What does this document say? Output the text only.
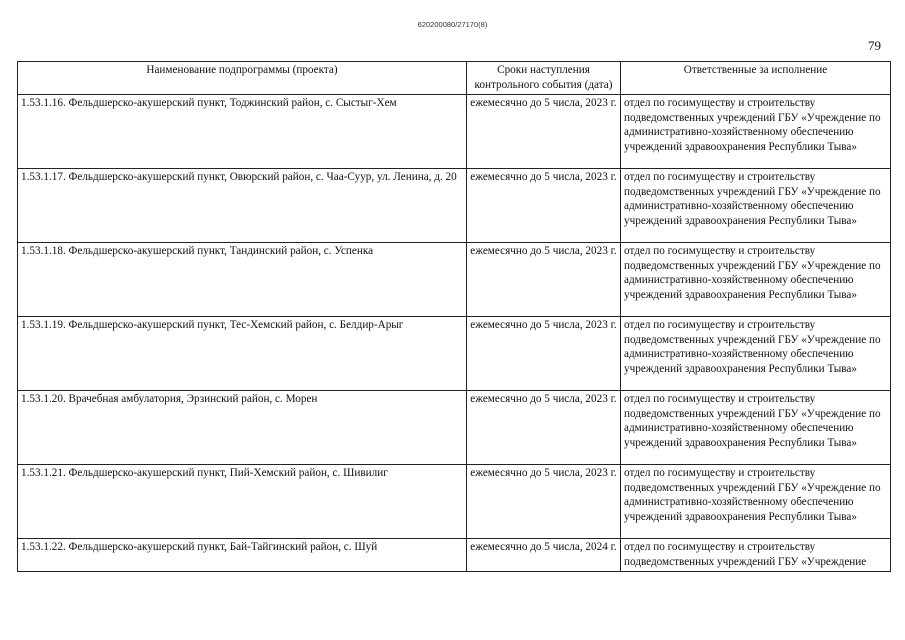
620200080/27170(8)
79
Наименование подпрограммы (проекта)	Сроки наступления контрольного события (дата)	Ответственные за исполнение
1.53.1.16. Фельдшерско-акушерский пункт, Тоджинский район, с. Сыстыг-Хем	ежемесячно до 5 числа, 2023 г.	отдел по госимуществу и строительству подведомственных учреждений ГБУ «Учреждение по административно-хозяйственному обеспечению учреждений здравоохранения Республики Тыва»
1.53.1.17. Фельдшерско-акушерский пункт, Овюрский район, с. Чаа-Суур, ул. Ленина, д. 20	ежемесячно до 5 числа, 2023 г.	отдел по госимуществу и строительству подведомственных учреждений ГБУ «Учреждение по административно-хозяйственному обеспечению учреждений здравоохранения Республики Тыва»
1.53.1.18. Фельдшерско-акушерский пункт, Тандинский район, с. Успенка	ежемесячно до 5 числа, 2023 г.	отдел по госимуществу и строительству подведомственных учреждений ГБУ «Учреждение по административно-хозяйственному обеспечению учреждений здравоохранения Республики Тыва»
1.53.1.19. Фельдшерско-акушерский пункт, Тес-Хемский район, с. Белдир-Арыг	ежемесячно до 5 числа, 2023 г.	отдел по госимуществу и строительству подведомственных учреждений ГБУ «Учреждение по административно-хозяйственному обеспечению учреждений здравоохранения Республики Тыва»
1.53.1.20. Врачебная амбулатория, Эрзинский район, с. Морен	ежемесячно до 5 числа, 2023 г.	отдел по госимуществу и строительству подведомственных учреждений ГБУ «Учреждение по административно-хозяйственному обеспечению учреждений здравоохранения Республики Тыва»
1.53.1.21. Фельдшерско-акушерский пункт, Пий-Хемский район, с. Шивилиг	ежемесячно до 5 числа, 2023 г.	отдел по госимуществу и строительству подведомственных учреждений ГБУ «Учреждение по административно-хозяйственному обеспечению учреждений здравоохранения Республики Тыва»
1.53.1.22. Фельдшерско-акушерский пункт, Бай-Тайгинский район, с. Шуй	ежемесячно до 5 числа, 2024 г.	отдел по госимуществу и строительству подведомственных учреждений ГБУ «Учреждение
